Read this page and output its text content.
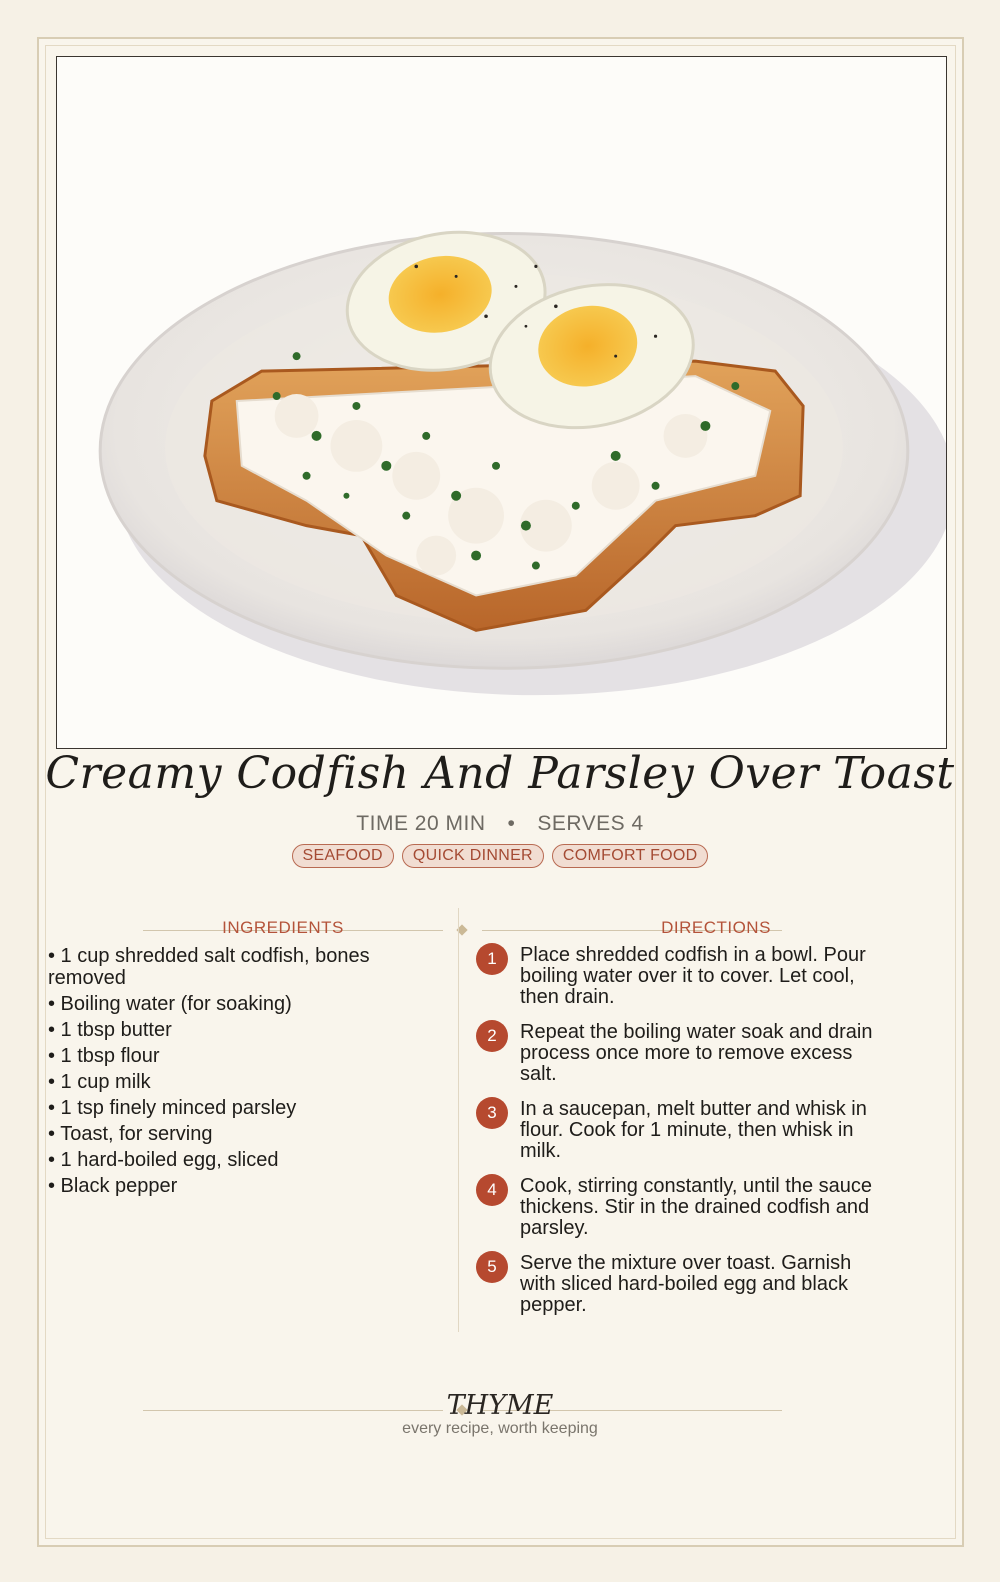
Creamy Codfish And Parsley Over Toast
TIME 20 MIN • SERVES 4
SEAFOOD QUICK DINNER COMFORT FOOD
INGREDIENTS	DIRECTIONS
• 1 cup shredded salt codfish, bones removed
• Boiling water (for soaking)
• 1 tbsp butter
• 1 tbsp flour
• 1 cup milk
• 1 tsp finely minced parsley
• Toast, for serving
• 1 hard-boiled egg, sliced
• Black pepper
1	Place shredded codfish in a bowl. Pour boiling water over it to cover. Let cool, then drain.
2	Repeat the boiling water soak and drain process once more to remove excess salt.
3	In a saucepan, melt butter and whisk in flour. Cook for 1 minute, then whisk in milk.
4	Cook, stirring constantly, until the sauce thickens. Stir in the drained codfish and parsley.
5	Serve the mixture over toast. Garnish with sliced hard-boiled egg and black pepper.
THYME
every recipe, worth keeping
